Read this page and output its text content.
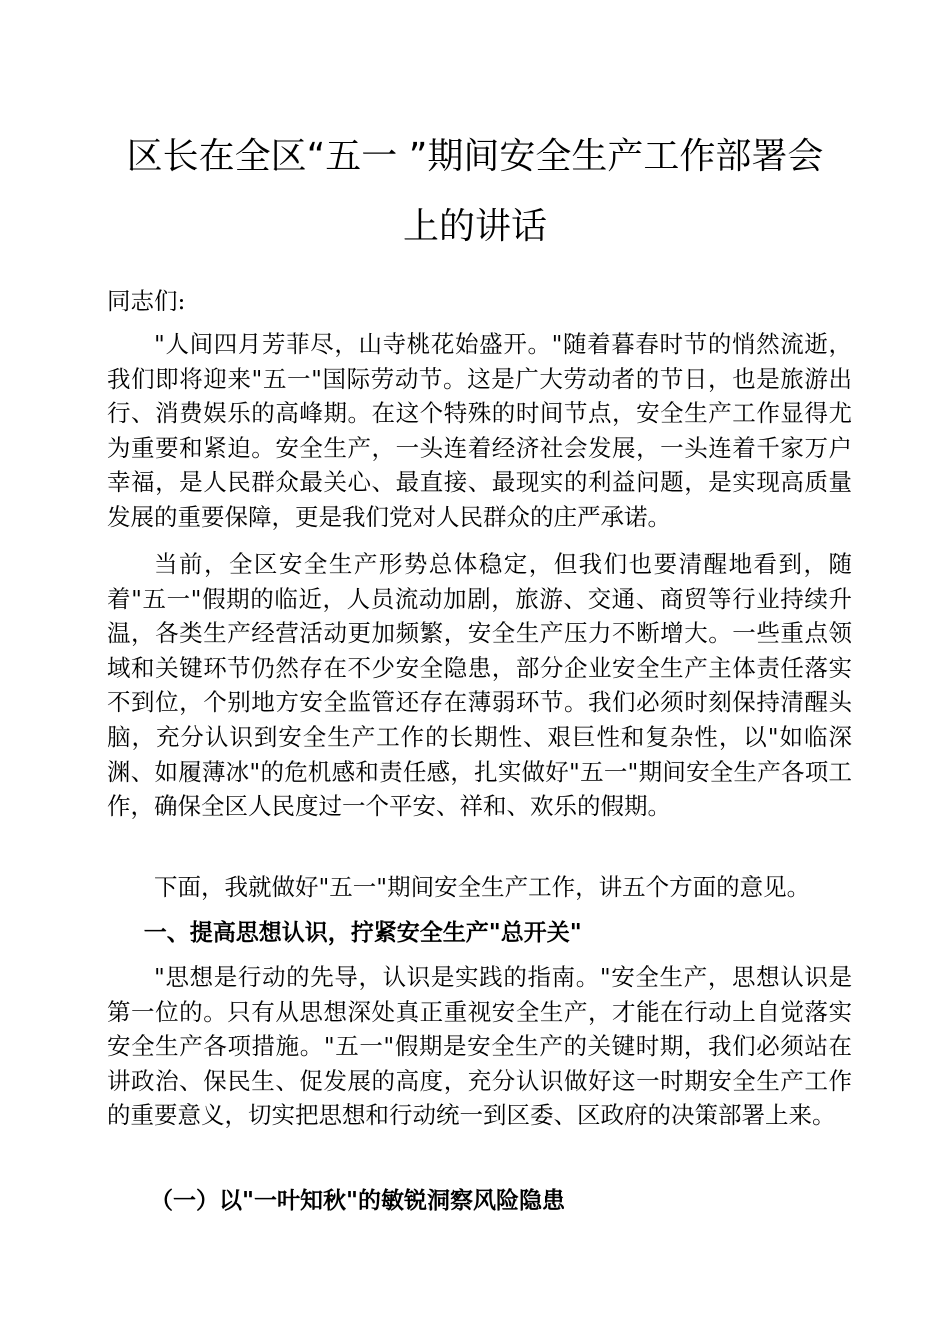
区长在全区“五一 ”期间安全生产工作部署会
上的讲话

同志们:

"人间四月芳菲尽，山寺桃花始盛开。"随着暮春时节的悄然流逝，我们即将迎来"五一"国际劳动节。这是广大劳动者的节日，也是旅游出行、消费娱乐的高峰期。在这个特殊的时间节点，安全生产工作显得尤为重要和紧迫。安全生产，一头连着经济社会发展，一头连着千家万户幸福，是人民群众最关心、最直接、最现实的利益问题，是实现高质量发展的重要保障，更是我们党对人民群众的庄严承诺。

当前，全区安全生产形势总体稳定，但我们也要清醒地看到，随着"五一"假期的临近，人员流动加剧，旅游、交通、商贸等行业持续升温，各类生产经营活动更加频繁，安全生产压力不断增大。一些重点领域和关键环节仍然存在不少安全隐患，部分企业安全生产主体责任落实不到位，个别地方安全监管还存在薄弱环节。我们必须时刻保持清醒头脑，充分认识到安全生产工作的长期性、艰巨性和复杂性，以"如临深渊、如履薄冰"的危机感和责任感，扎实做好"五一"期间安全生产各项工作，确保全区人民度过一个平安、祥和、欢乐的假期。

下面，我就做好"五一"期间安全生产工作，讲五个方面的意见。

一、提高思想认识，拧紧安全生产"总开关"

"思想是行动的先导，认识是实践的指南。"安全生产，思想认识是第一位的。只有从思想深处真正重视安全生产，才能在行动上自觉落实安全生产各项措施。"五一"假期是安全生产的关键时期，我们必须站在讲政治、保民生、促发展的高度，充分认识做好这一时期安全生产工作的重要意义，切实把思想和行动统一到区委、区政府的决策部署上来。

（一）以"一叶知秋"的敏锐洞察风险隐患
